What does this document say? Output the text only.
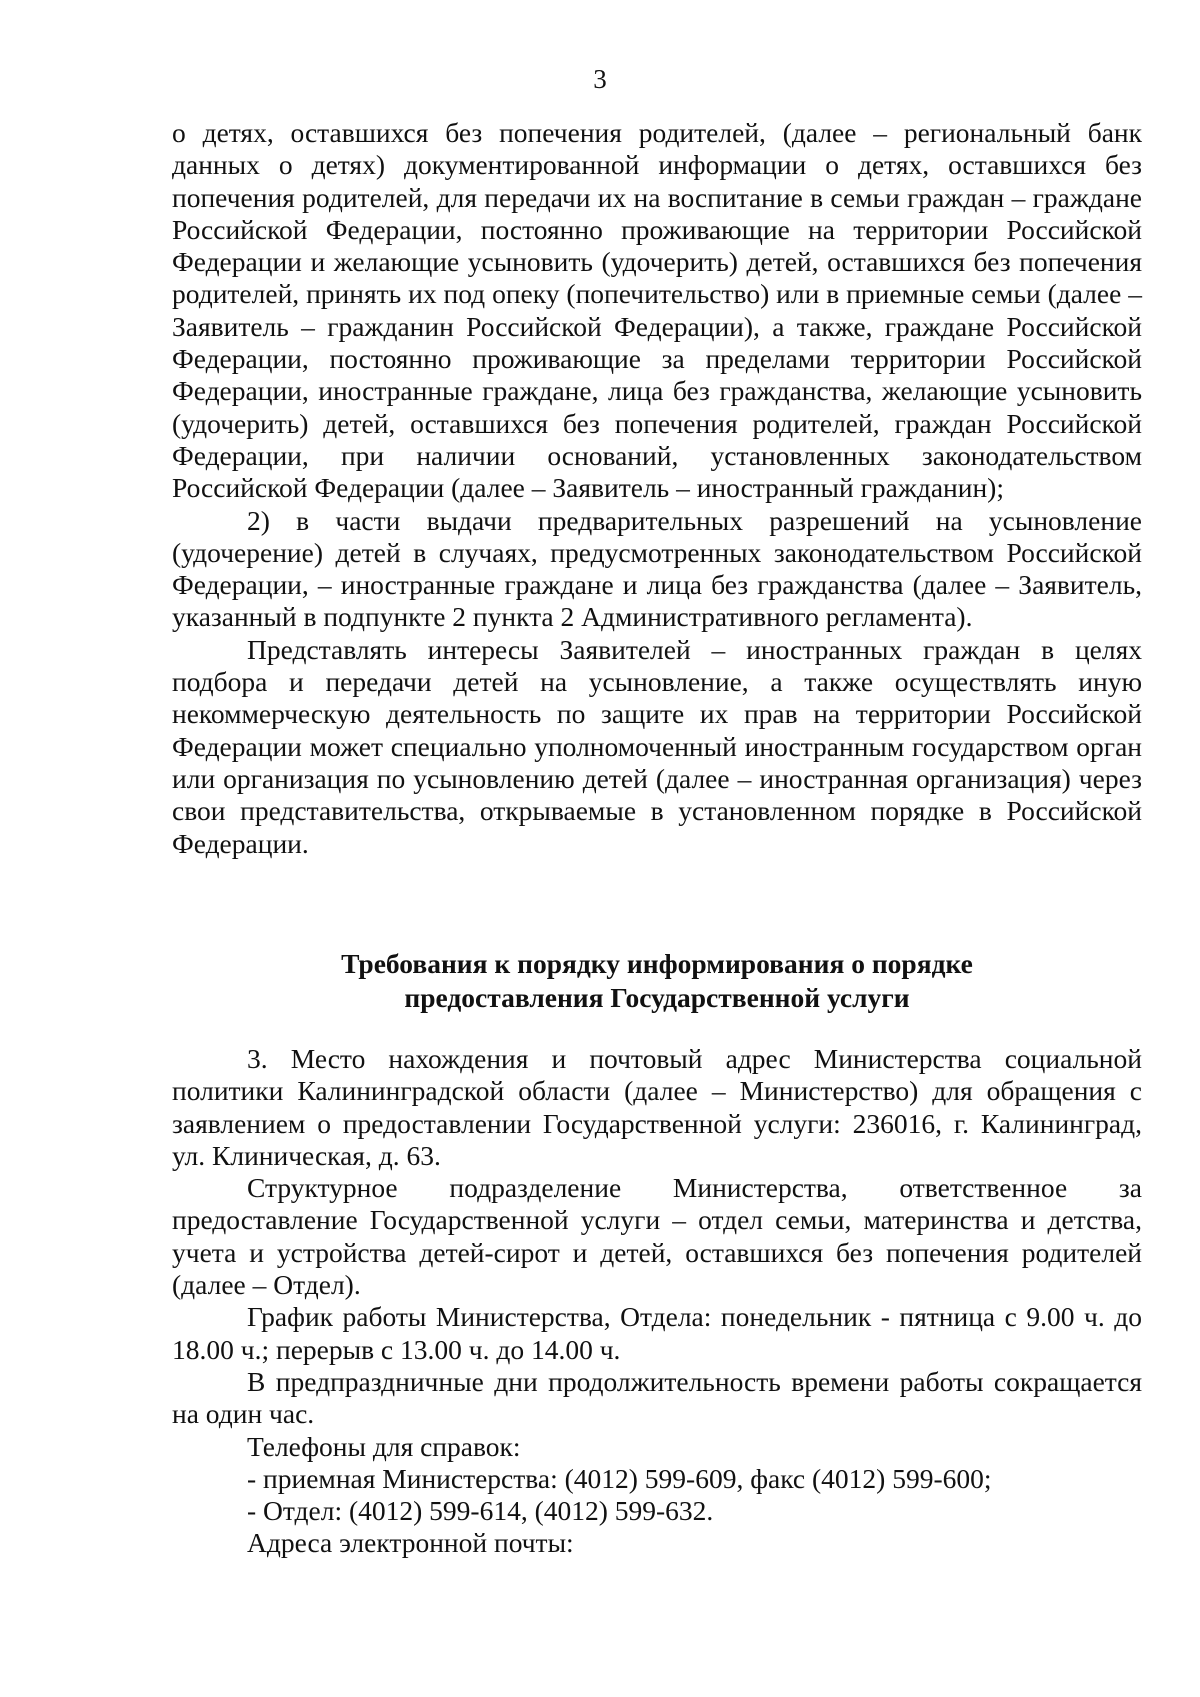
3

о детях, оставшихся без попечения родителей, (далее – региональный банк данных о детях) документированной информации о детях, оставшихся без попечения родителей, для передачи их на воспитание в семьи граждан – граждане Российской Федерации, постоянно проживающие на территории Российской Федерации и желающие усыновить (удочерить) детей, оставшихся без попечения родителей, принять их под опеку (попечительство) или в приемные семьи (далее – Заявитель – гражданин Российской Федерации), а также, граждане Российской Федерации, постоянно проживающие за пределами территории Российской Федерации, иностранные граждане, лица без гражданства, желающие усыновить (удочерить) детей, оставшихся без попечения родителей, граждан Российской Федерации, при наличии оснований, установленных законодательством Российской Федерации (далее – Заявитель – иностранный гражданин);

2) в части выдачи предварительных разрешений на усыновление (удочерение) детей в случаях, предусмотренных законодательством Российской Федерации, – иностранные граждане и лица без гражданства (далее – Заявитель, указанный в подпункте 2 пункта 2 Административного регламента).

Представлять интересы Заявителей – иностранных граждан в целях подбора и передачи детей на усыновление, а также осуществлять иную некоммерческую деятельность по защите их прав на территории Российской Федерации может специально уполномоченный иностранным государством орган или организация по усыновлению детей (далее – иностранная организация) через свои представительства, открываемые в установленном порядке в Российской Федерации.

Требования к порядку информирования о порядке
предоставления Государственной услуги

3. Место нахождения и почтовый адрес Министерства социальной политики Калининградской области (далее – Министерство) для обращения с заявлением о предоставлении Государственной услуги: 236016, г. Калининград, ул. Клиническая, д. 63.

Структурное подразделение Министерства, ответственное за предоставление Государственной услуги – отдел семьи, материнства и детства, учета и устройства детей-сирот и детей, оставшихся без попечения родителей (далее – Отдел).

График работы Министерства, Отдела: понедельник - пятница с 9.00 ч. до 18.00 ч.; перерыв с 13.00 ч. до 14.00 ч.

В предпраздничные дни продолжительность времени работы сокращается на один час.

Телефоны для справок:

- приемная Министерства: (4012) 599-609, факс (4012) 599-600;

- Отдел: (4012) 599-614, (4012) 599-632.

Адреса электронной почты:
